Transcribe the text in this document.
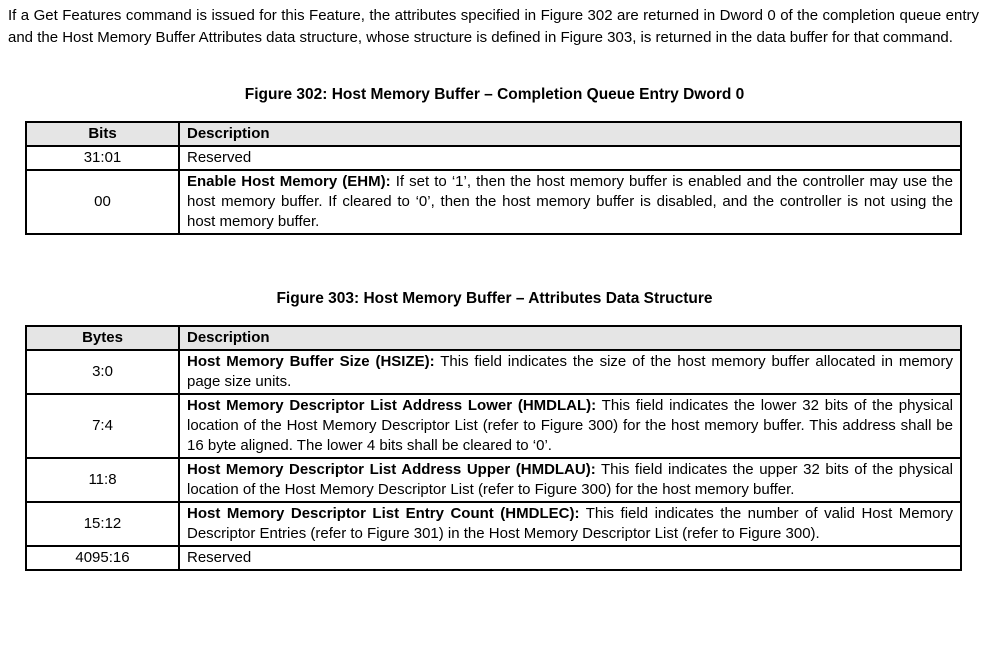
If a Get Features command is issued for this Feature, the attributes specified in Figure 302 are returned in Dword 0 of the completion queue entry and the Host Memory Buffer Attributes data structure, whose structure is defined in Figure 303, is returned in the data buffer for that command.

Figure 302: Host Memory Buffer – Completion Queue Entry Dword 0
Bits	Description
31:01	Reserved
00	Enable Host Memory (EHM): If set to ‘1’, then the host memory buffer is enabled and the controller may use the host memory buffer. If cleared to ‘0’, then the host memory buffer is disabled, and the controller is not using the host memory buffer.
Figure 303: Host Memory Buffer – Attributes Data Structure
Bytes	Description
3:0	Host Memory Buffer Size (HSIZE): This field indicates the size of the host memory buffer allocated in memory page size units.
7:4	Host Memory Descriptor List Address Lower (HMDLAL): This field indicates the lower 32 bits of the physical location of the Host Memory Descriptor List (refer to Figure 300) for the host memory buffer. This address shall be 16 byte aligned. The lower 4 bits shall be cleared to ‘0’.
11:8	Host Memory Descriptor List Address Upper (HMDLAU): This field indicates the upper 32 bits of the physical location of the Host Memory Descriptor List (refer to Figure 300) for the host memory buffer.
15:12	Host Memory Descriptor List Entry Count (HMDLEC): This field indicates the number of valid Host Memory Descriptor Entries (refer to Figure 301) in the Host Memory Descriptor List (refer to Figure 300).
4095:16	Reserved
